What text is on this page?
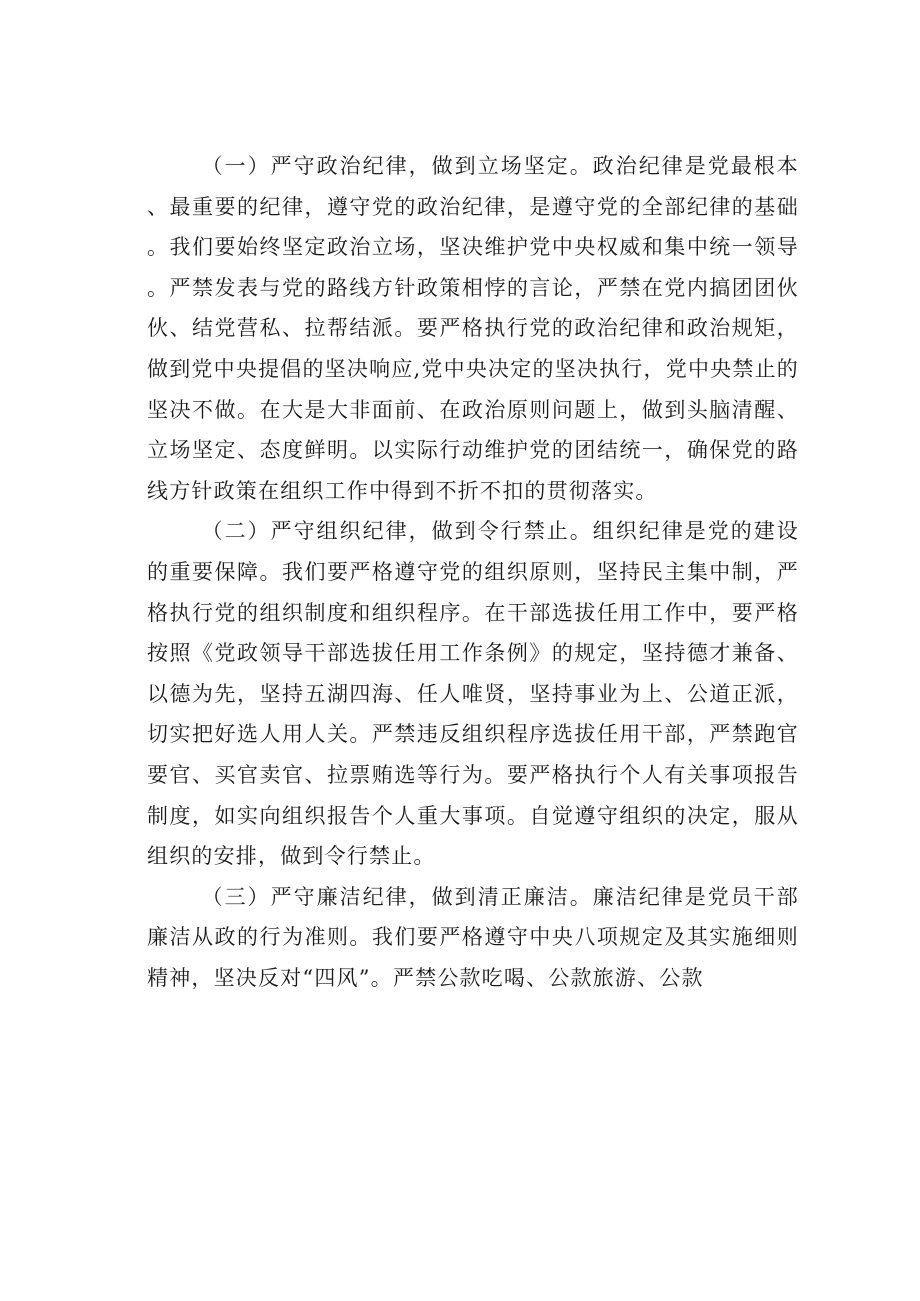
（一）严守政治纪律，做到立场坚定。政治纪律是党最根本、最重要的纪律，遵守党的政治纪律，是遵守党的全部纪律的基础。我们要始终坚定政治立场，坚决维护党中央权威和集中统一领导。严禁发表与党的路线方针政策相悖的言论，严禁在党内搞团团伙伙、结党营私、拉帮结派。要严格执行党的政治纪律和政治规矩，做到党中央提倡的坚决响应,党中央决定的坚决执行，党中央禁止的坚决不做。在大是大非面前、在政治原则问题上，做到头脑清醒、立场坚定、态度鲜明。以实际行动维护党的团结统一，确保党的路线方针政策在组织工作中得到不折不扣的贯彻落实。

（二）严守组织纪律，做到令行禁止。组织纪律是党的建设的重要保障。我们要严格遵守党的组织原则，坚持民主集中制，严格执行党的组织制度和组织程序。在干部选拔任用工作中，要严格按照《党政领导干部选拔任用工作条例》的规定，坚持德才兼备、以德为先，坚持五湖四海、任人唯贤，坚持事业为上、公道正派，切实把好选人用人关。严禁违反组织程序选拔任用干部，严禁跑官要官、买官卖官、拉票贿选等行为。要严格执行个人有关事项报告制度，如实向组织报告个人重大事项。自觉遵守组织的决定，服从组织的安排，做到令行禁止。

（三）严守廉洁纪律，做到清正廉洁。廉洁纪律是党员干部廉洁从政的行为准则。我们要严格遵守中央八项规定及其实施细则精神，坚决反对“四风”。严禁公款吃喝、公款旅游、公款
